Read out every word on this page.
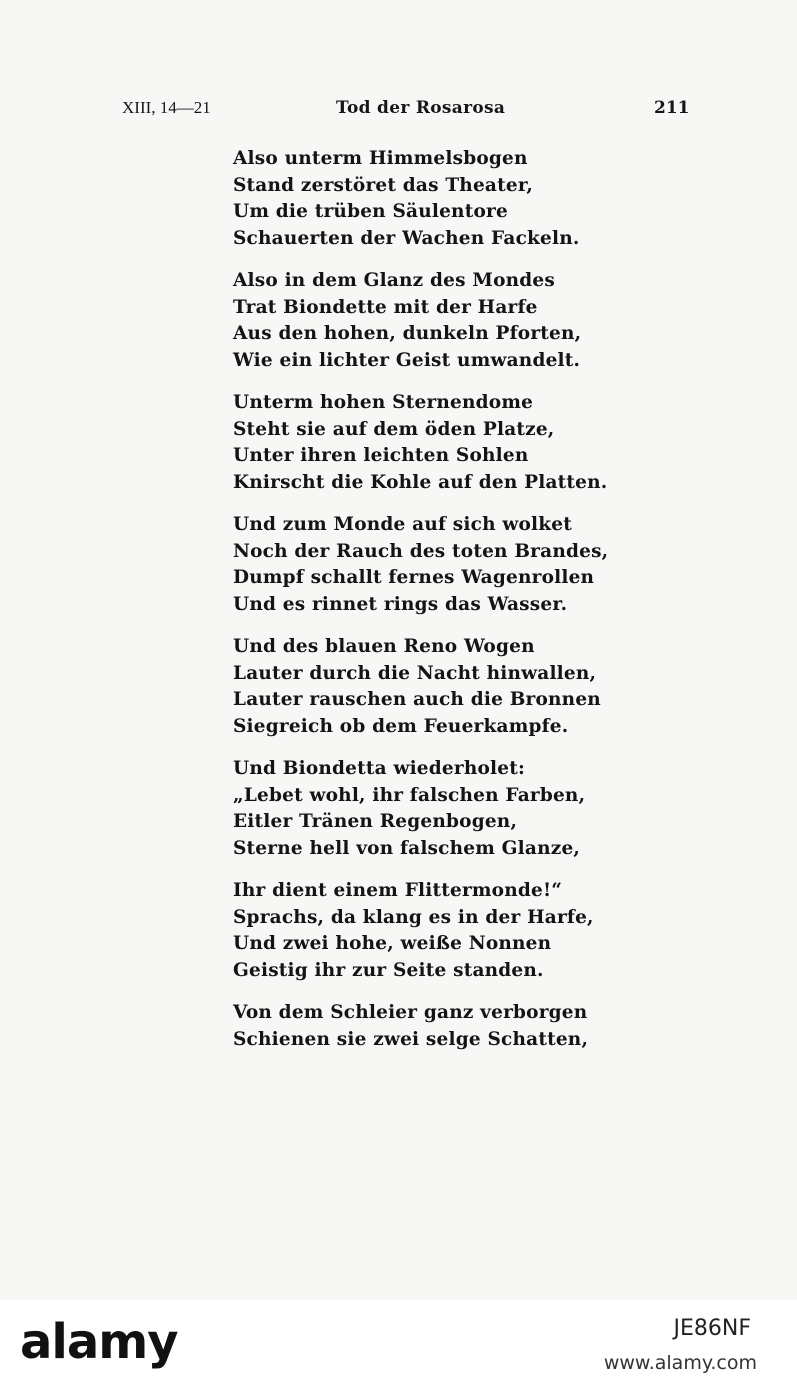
XIII, 14—21	Tod der Rosarosa	211
Also unterm Himmelsbogen
Stand zerstöret das Theater,
Um die trüben Säulentore
Schauerten der Wachen Fackeln.
Also in dem Glanz des Mondes
Trat Biondette mit der Harfe
Aus den hohen, dunkeln Pforten,
Wie ein lichter Geist umwandelt.
Unterm hohen Sternendome
Steht sie auf dem öden Platze,
Unter ihren leichten Sohlen
Knirscht die Kohle auf den Platten.
Und zum Monde auf sich wolket
Noch der Rauch des toten Brandes,
Dumpf schallt fernes Wagenrollen
Und es rinnet rings das Wasser.
Und des blauen Reno Wogen
Lauter durch die Nacht hinwallen,
Lauter rauschen auch die Bronnen
Siegreich ob dem Feuerkampfe.
Und Biondetta wiederholet:
„Lebet wohl, ihr falschen Farben,
Eitler Tränen Regenbogen,
Sterne hell von falschem Glanze,
Ihr dient einem Flittermonde!“
Sprachs, da klang es in der Harfe,
Und zwei hohe, weiße Nonnen
Geistig ihr zur Seite standen.
Von dem Schleier ganz verborgen
Schienen sie zwei selge Schatten,
alamy	JE86NF
www.alamy.com
